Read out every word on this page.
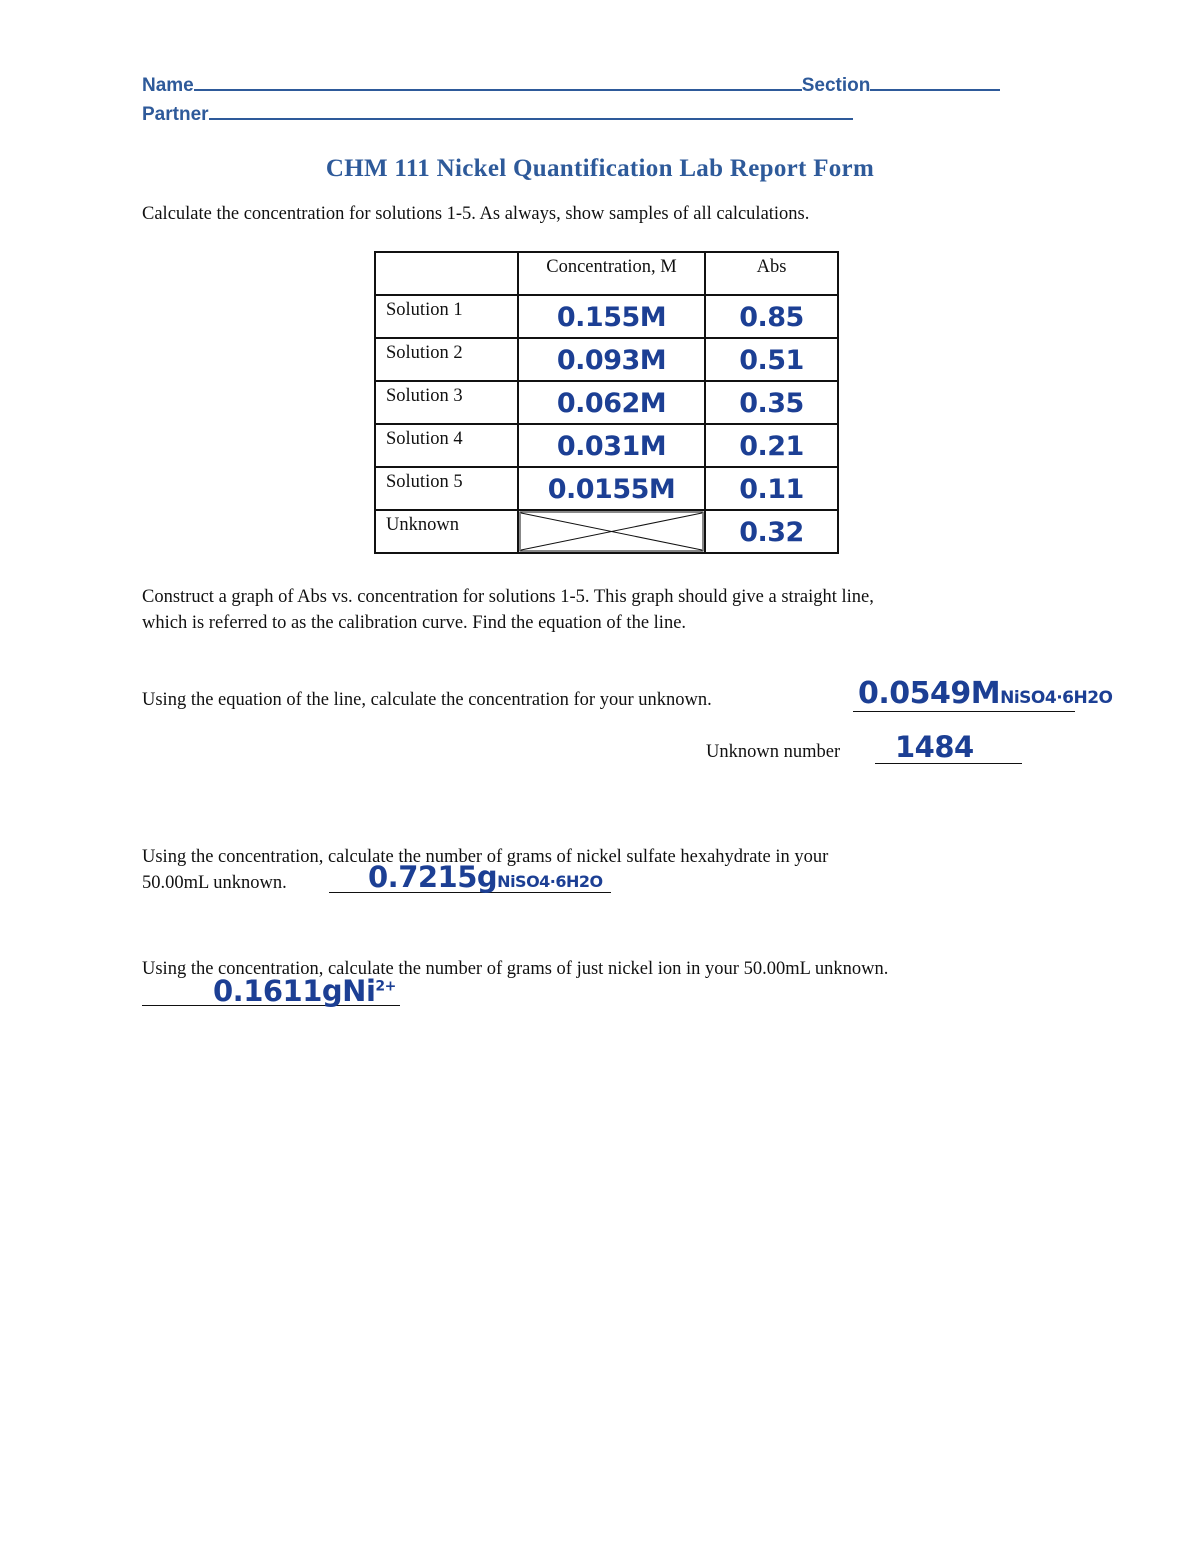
Name	Section
Partner
CHM 111 Nickel Quantification Lab Report Form
Calculate the concentration for solutions 1-5. As always, show samples of all calculations.

	Concentration, M	Abs

Solution 1	0.155M	0.85

Solution 2	0.093M	0.51

Solution 3	0.062M	0.35

Solution 4	0.031M	0.21

Solution 5	0.0155M	0.11

Unknown		0.32
Construct a graph of Abs vs. concentration for solutions 1-5. This graph should give a straight line,
which is referred to as the calibration curve. Find the equation of the line.
Using the equation of the line, calculate the concentration for your unknown.	0.0549MNiSO4·6H2O
Unknown number 1484
Using the concentration, calculate the number of grams of nickel sulfate hexahydrate in your
50.00mL unknown.	0.7215gNiSO4·6H2O
Using the concentration, calculate the number of grams of just nickel ion in your 50.00mL unknown.
0.1611gNi$^{2+}$
